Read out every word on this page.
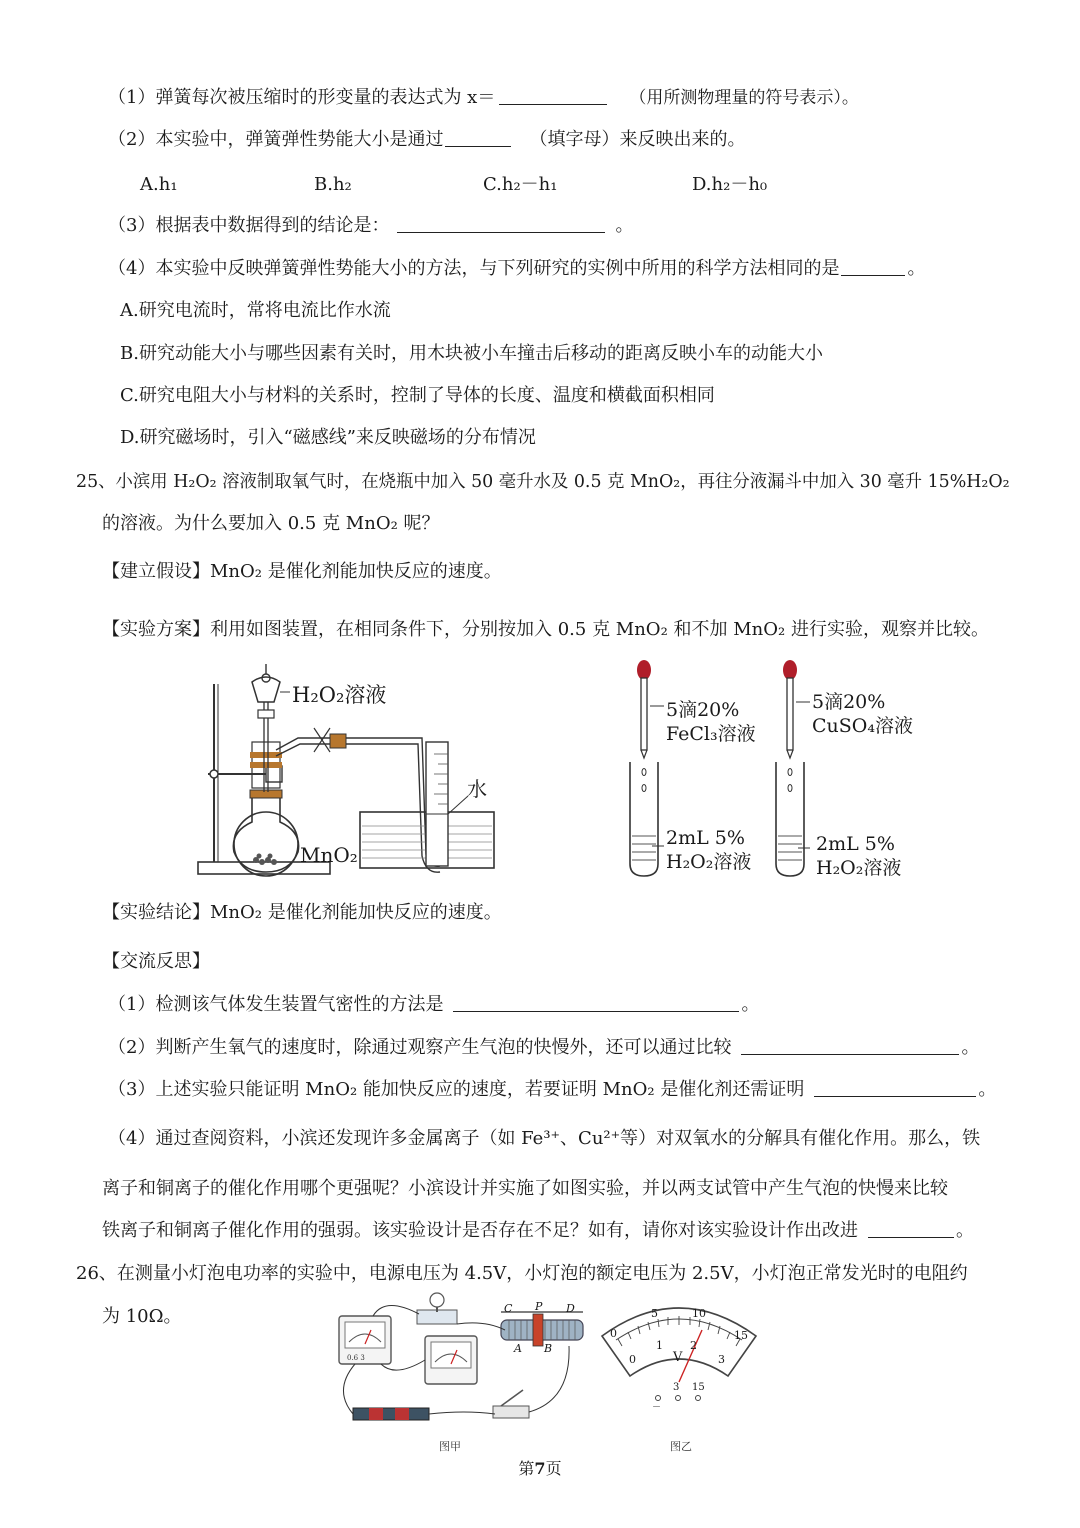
（1）弹簧每次被压缩时的形变量的表达式为 x＝	（用所测物理量的符号表示）。
（2）本实验中，弹簧弹性势能大小是通过	（填字母）来反映出来的。
A.h₁	B.h₂	C.h₂－h₁	D.h₂－h₀
（3）根据表中数据得到的结论是：	。
（4）本实验中反映弹簧弹性势能大小的方法，与下列研究的实例中所用的科学方法相同的是	。
A.研究电流时，常将电流比作水流
B.研究动能大小与哪些因素有关时，用木块被小车撞击后移动的距离反映小车的动能大小
C.研究电阻大小与材料的关系时，控制了导体的长度、温度和横截面积相同
D.研究磁场时，引入“磁感线”来反映磁场的分布情况
25、小滨用 H₂O₂ 溶液制取氧气时，在烧瓶中加入 50 毫升水及 0.5 克 MnO₂，再往分液漏斗中加入 30 毫升 15%H₂O₂
的溶液。为什么要加入 0.5 克 MnO₂ 呢？
【建立假设】MnO₂ 是催化剂能加快反应的速度。
【实验方案】利用如图装置，在相同条件下，分别按加入 0.5 克 MnO₂ 和不加 MnO₂ 进行实验，观察并比较。
H₂O₂溶液
水
MnO₂
5滴20%
FeCl₃溶液
5滴20%
CuSO₄溶液
2mL 5%
H₂O₂溶液
2mL 5%
H₂O₂溶液
【实验结论】MnO₂ 是催化剂能加快反应的速度。
【交流反思】
（1）检测该气体发生装置气密性的方法是	。
（2）判断产生氧气的速度时，除通过观察产生气泡的快慢外，还可以通过比较	。
（3）上述实验只能证明 MnO₂ 能加快反应的速度，若要证明 MnO₂ 是催化剂还需证明	。
（4）通过查阅资料，小滨还发现许多金属离子（如 Fe³⁺、Cu²⁺等）对双氧水的分解具有催化作用。那么，铁
离子和铜离子的催化作用哪个更强呢？小滨设计并实施了如图实验，并以两支试管中产生气泡的快慢来比较
铁离子和铜离子催化作用的强弱。该实验设计是否存在不足？如有，请你对该实验设计作出改进	。
26、在测量小灯泡电功率的实验中，电源电压为 4.5V，小灯泡的额定电压为 2.5V，小灯泡正常发光时的电阻约
为 10Ω。
0.6 3
C P D
A B
－
0
5	10
15
0
1 2
3
V
3 15
图甲	图乙
第7页
